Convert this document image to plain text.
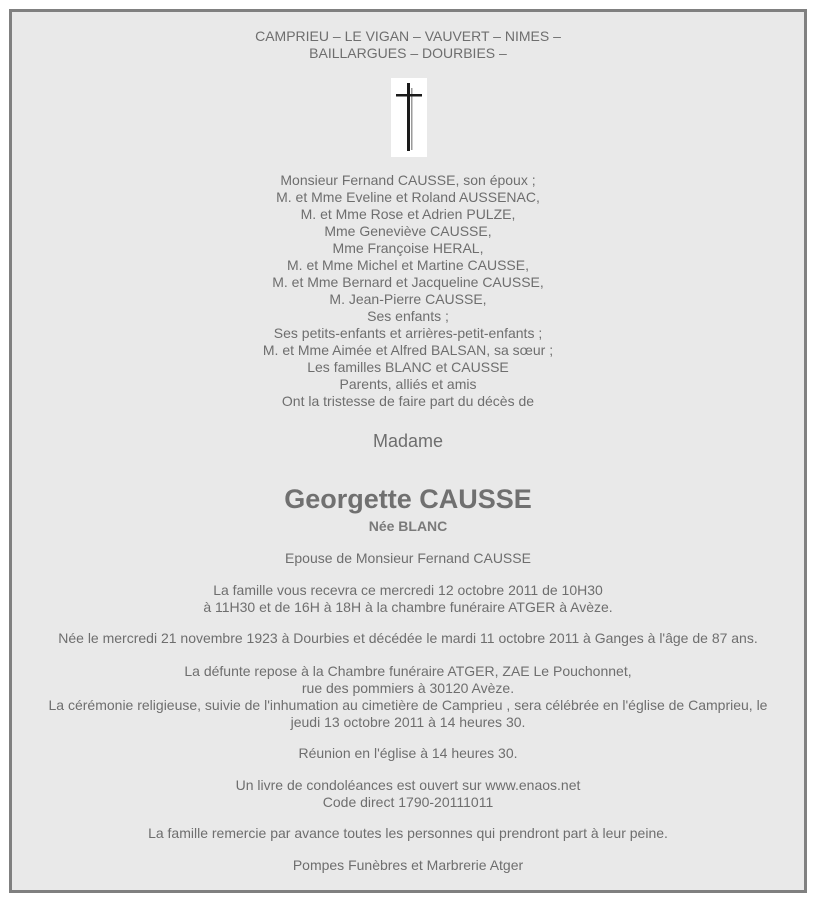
CAMPRIEU – LE VIGAN – VAUVERT – NIMES –
BAILLARGUES – DOURBIES –
Monsieur Fernand CAUSSE, son époux ;
M. et Mme Eveline et Roland AUSSENAC,
M. et Mme Rose et Adrien PULZE,
Mme Geneviève CAUSSE,
Mme Françoise HERAL,
M. et Mme Michel et Martine CAUSSE,
M. et Mme Bernard et Jacqueline CAUSSE,
M. Jean-Pierre CAUSSE,
Ses enfants ;
Ses petits-enfants et arrières-petit-enfants ;
M. et Mme Aimée et Alfred BALSAN, sa sœur ;
Les familles BLANC et CAUSSE
Parents, alliés et amis
Ont la tristesse de faire part du décès de
Madame
Georgette CAUSSE
Née BLANC
Epouse de Monsieur Fernand CAUSSE
La famille vous recevra ce mercredi 12 octobre 2011 de 10H30
à 11H30 et de 16H à 18H à la chambre funéraire ATGER à Avèze.
Née le mercredi 21 novembre 1923 à Dourbies et décédée le mardi 11 octobre 2011 à Ganges à l'âge de 87 ans.
La défunte repose à la Chambre funéraire ATGER, ZAE Le Pouchonnet,
rue des pommiers à 30120 Avèze.
La cérémonie religieuse, suivie de l'inhumation au cimetière de Camprieu , sera célébrée en l'église de Camprieu, le
jeudi 13 octobre 2011 à 14 heures 30.
Réunion en l'église à 14 heures 30.
Un livre de condoléances est ouvert sur www.enaos.net
Code direct 1790-20111011
La famille remercie par avance toutes les personnes qui prendront part à leur peine.
Pompes Funèbres et Marbrerie Atger
